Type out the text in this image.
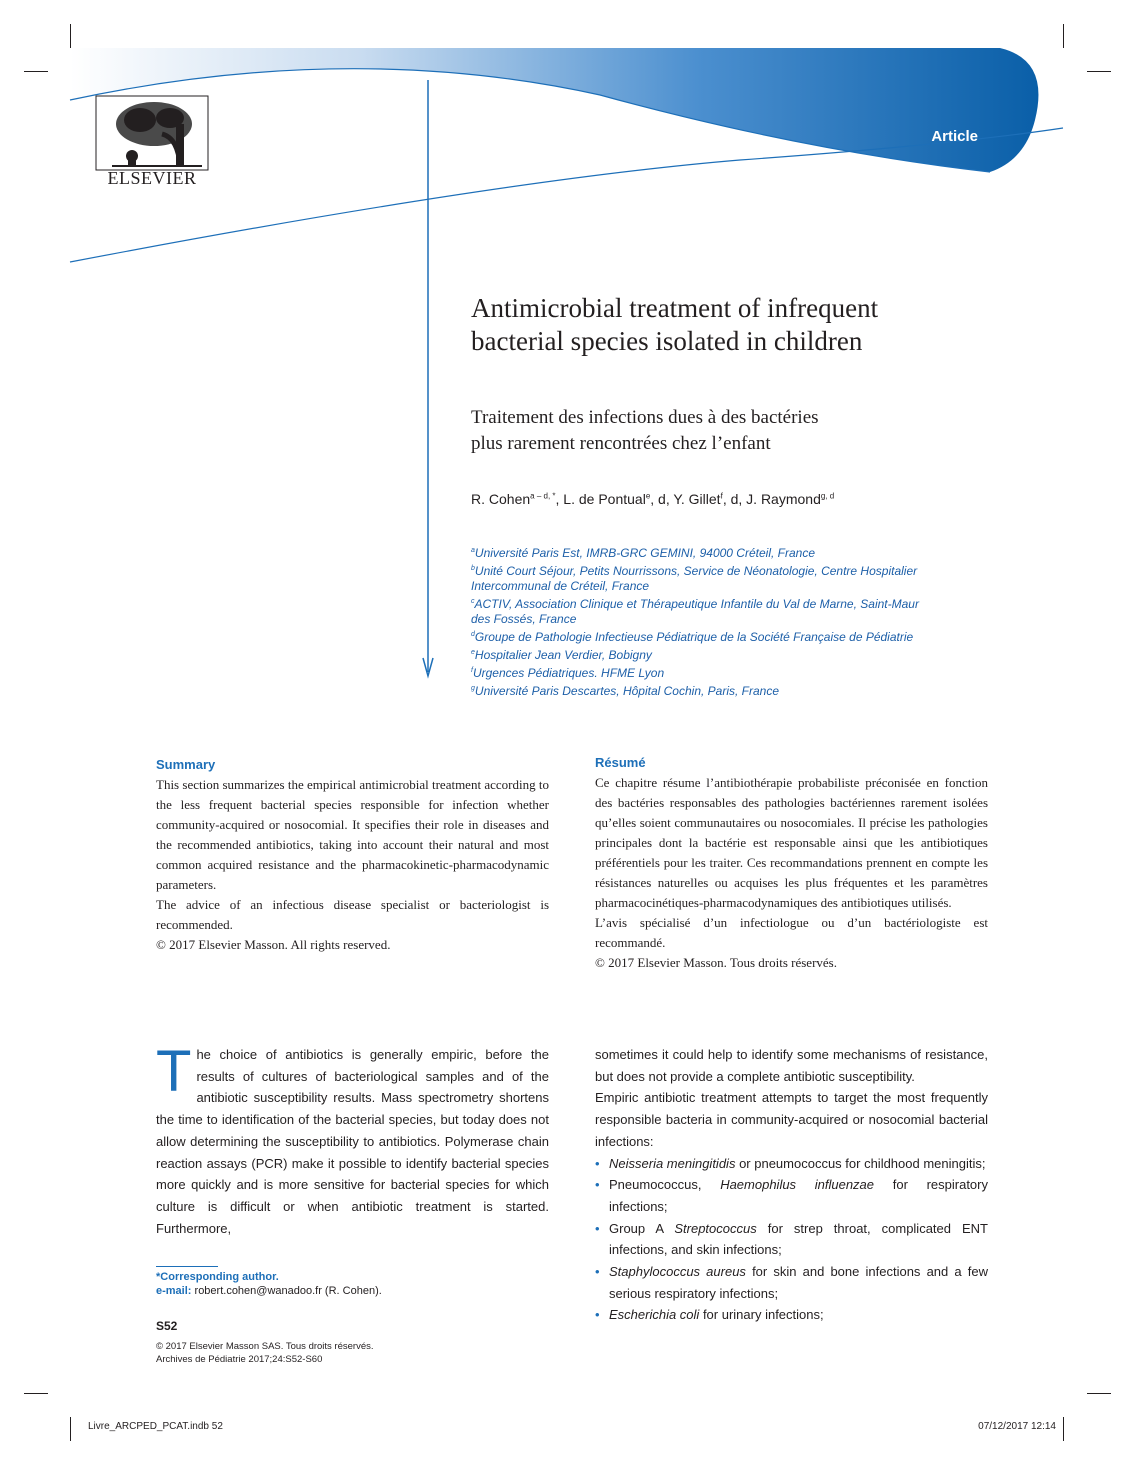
Article
ELSEVIER
Antimicrobial treatment of infrequent
bacterial species isolated in children
Traitement des infections dues à des bactéries
plus rarement rencontrées chez l’enfant
R. Cohen$^{a - d, *}$, L. de Pontual$^e$, d, Y. Gillet$^f$, d, J. Raymond$^{g, d}$
$^a$Université Paris Est, IMRB-GRC GEMINI, 94000 Créteil, France
$^b$Unité Court Séjour, Petits Nourrissons, Service de Néonatologie, Centre Hospitalier
Intercommunal de Créteil, France
$^c$ACTIV, Association Clinique et Thérapeutique Infantile du Val de Marne, Saint-Maur
des Fossés, France
$^d$Groupe de Pathologie Infectieuse Pédiatrique de la Société Française de Pédiatrie
$^e$Hospitalier Jean Verdier, Bobigny
$^f$Urgences Pédiatriques. HFME Lyon
$^g$Université Paris Descartes, Hôpital Cochin, Paris, France
Summary

This section summarizes the empirical antimicrobial treatment according to the less frequent bacterial species responsible for infection whether community-acquired or nosocomial. It specifies their role in diseases and the recommended antibiotics, taking into account their natural and most common acquired resistance and the pharmacokinetic-pharmacodynamic parameters.

The advice of an infectious disease specialist or bacteriologist is recommended.

© 2017 Elsevier Masson. All rights reserved.

Résumé

Ce chapitre résume l’antibiothérapie probabiliste préconisée en fonction des bactéries responsables des pathologies bactériennes rarement isolées qu’elles soient communautaires ou nosocomiales. Il précise les pathologies principales dont la bactérie est responsable ainsi que les antibiotiques préférentiels pour les traiter. Ces recommandations prennent en compte les résistances naturelles ou acquises les plus fréquentes et les paramètres pharmacocinétiques-pharmacodynamiques des antibiotiques utilisés.

L’avis spécialisé d’un infectiologue ou d’un bactériologiste est recommandé.

© 2017 Elsevier Masson. Tous droits réservés.

The choice of antibiotics is generally empiric, before the results of cultures of bacteriological samples and of the antibiotic susceptibility results. Mass spectrometry shortens the time to identification of the bacterial species, but today does not allow determining the susceptibility to antibiotics. Polymerase chain reaction assays (PCR) make it possible to identify bacterial species more quickly and is more sensitive for bacterial species for which culture is difficult or when antibiotic treatment is started. Furthermore,

sometimes it could help to identify some mechanisms of resistance, but does not provide a complete antibiotic susceptibility.

Empiric antibiotic treatment attempts to target the most frequently responsible bacteria in community-acquired or nosocomial bacterial infections:

• Neisseria meningitidis or pneumococcus for childhood meningitis;
• Pneumococcus, Haemophilus influenzae for respiratory infections;
• Group A Streptococcus for strep throat, complicated ENT infections, and skin infections;
• Staphylococcus aureus for skin and bone infections and a few serious respiratory infections;
• Escherichia coli for urinary infections;
*Corresponding author.
e-mail: robert.cohen@wanadoo.fr (R. Cohen).
S52
© 2017 Elsevier Masson SAS. Tous droits réservés.
Archives de Pédiatrie 2017;24:S52-S60
Livre_ARCPED_PCAT.indb 52	07/12/2017 12:14
